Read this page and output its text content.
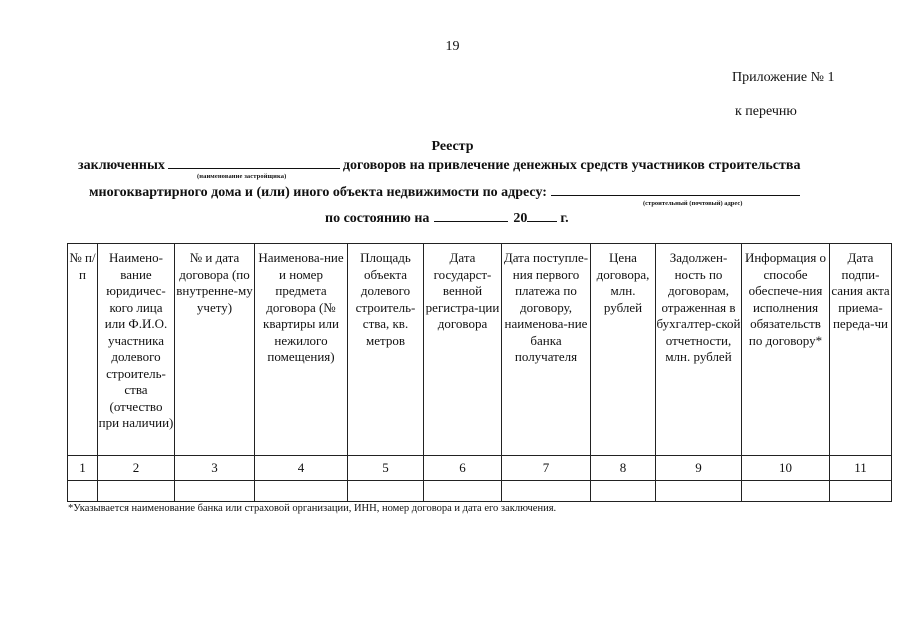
19
Приложение № 1
к перечню
Реестр
заключенных	договоров на привлечение денежных средств участников строительства
(наименование застройщика)
многоквартирного дома и (или) иного объекта недвижимости по адресу:
(строительный (почтовый) адрес)
по состоянию на	20 г.
№ п/п	Наимено-вание юридичес-кого лица или Ф.И.О. участника долевого строитель-ства (отчество при наличии)	№ и дата договора (по внутренне-му учету)	Наименова-ние и номер предмета договора (№ квартиры или нежилого помещения)	Площадь объекта долевого строитель-ства, кв. метров	Дата государст-венной регистра-ции договора	Дата поступле-ния первого платежа по договору, наименова-ние банка получателя	Цена договора, млн. рублей	Задолжен-ность по договорам, отраженная в бухгалтер-ской отчетности, млн. рублей	Информация о способе обеспече-ния исполнения обязательств по договору*	Дата подпи-сания акта приема-переда-чи
1	2	3	4	5	6	7	8	9	10	11

*Указывается наименование банка или страховой организации, ИНН, номер договора и дата его заключения.
